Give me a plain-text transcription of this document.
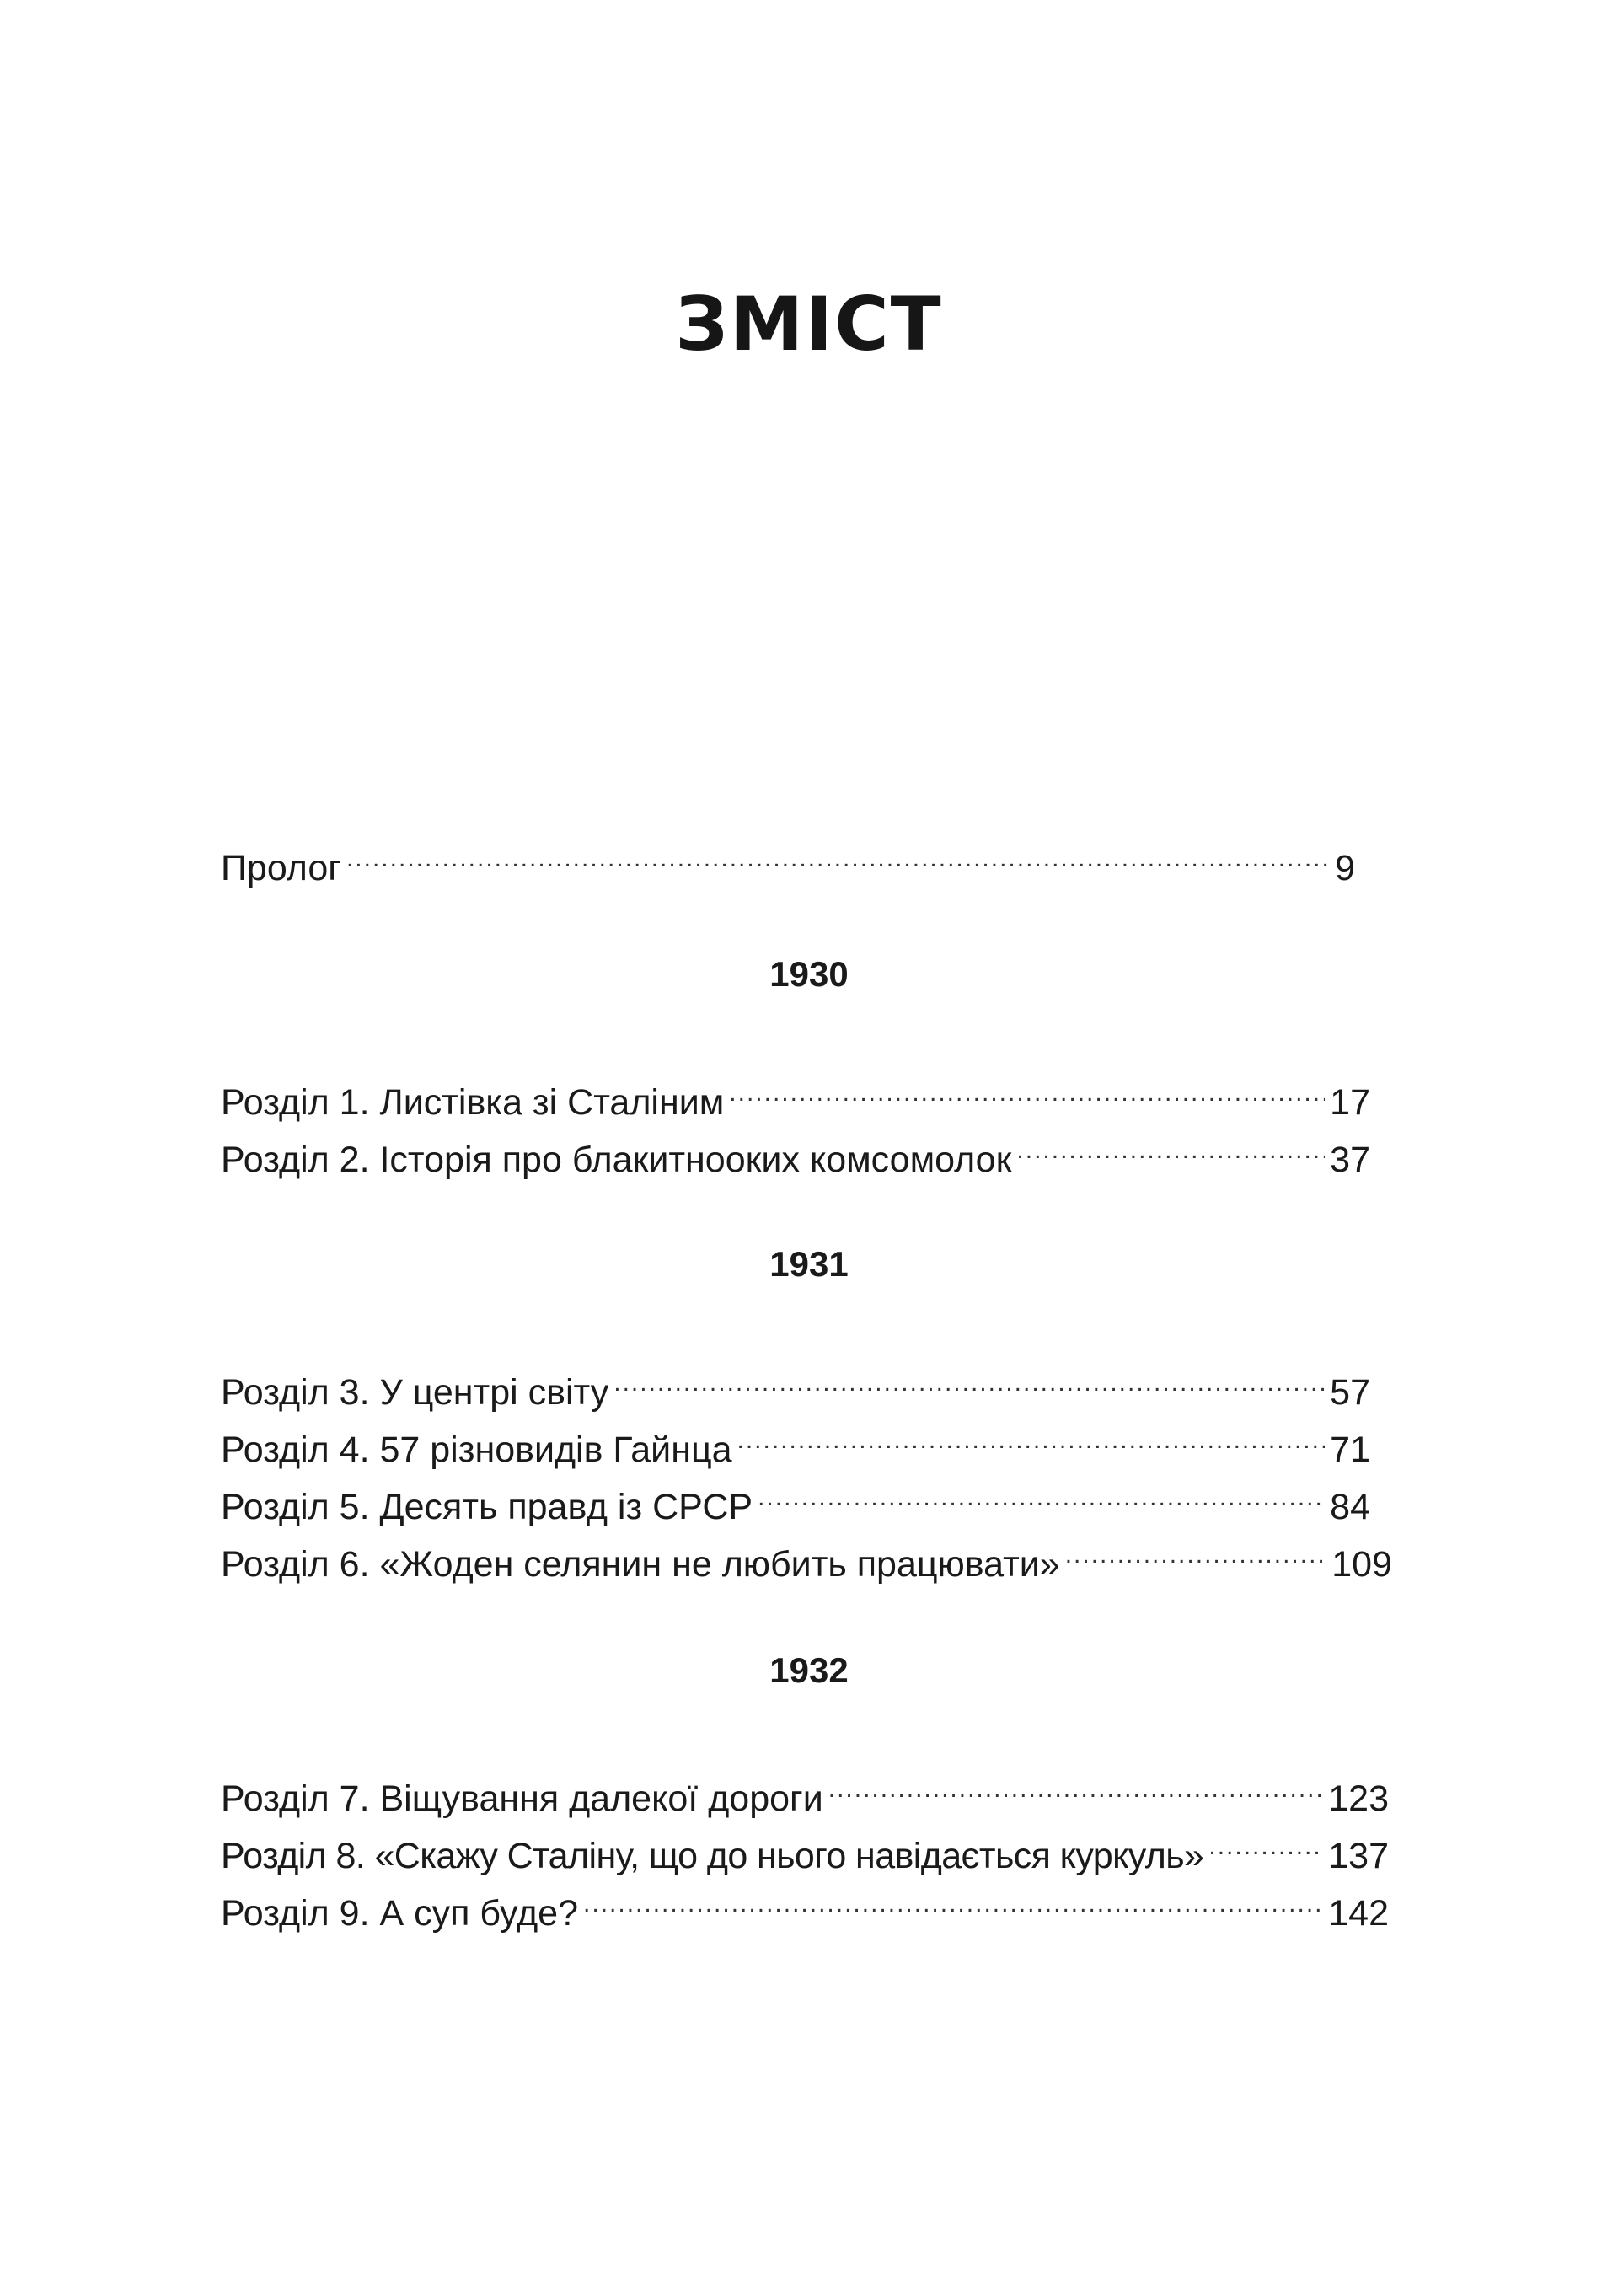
ЗМІСТ
Пролог .....	9
1930
Розділ 1. Листівка зі Сталіним .....	17
Розділ 2. Історія про блакитнооких комсомолок .....	37
1931
Розділ 3. У центрі світу .....	57
Розділ 4. 57 різновидів Гайнца .....	71
Розділ 5. Десять правд із СРСР .....	84
Розділ 6. «Жоден селянин не любить працювати» .....	109
1932
Розділ 7. Віщування далекої дороги .....	123
Розділ 8. «Скажу Сталіну, що до нього навідається куркуль» .....	137
Розділ 9. А суп буде? .....	142
